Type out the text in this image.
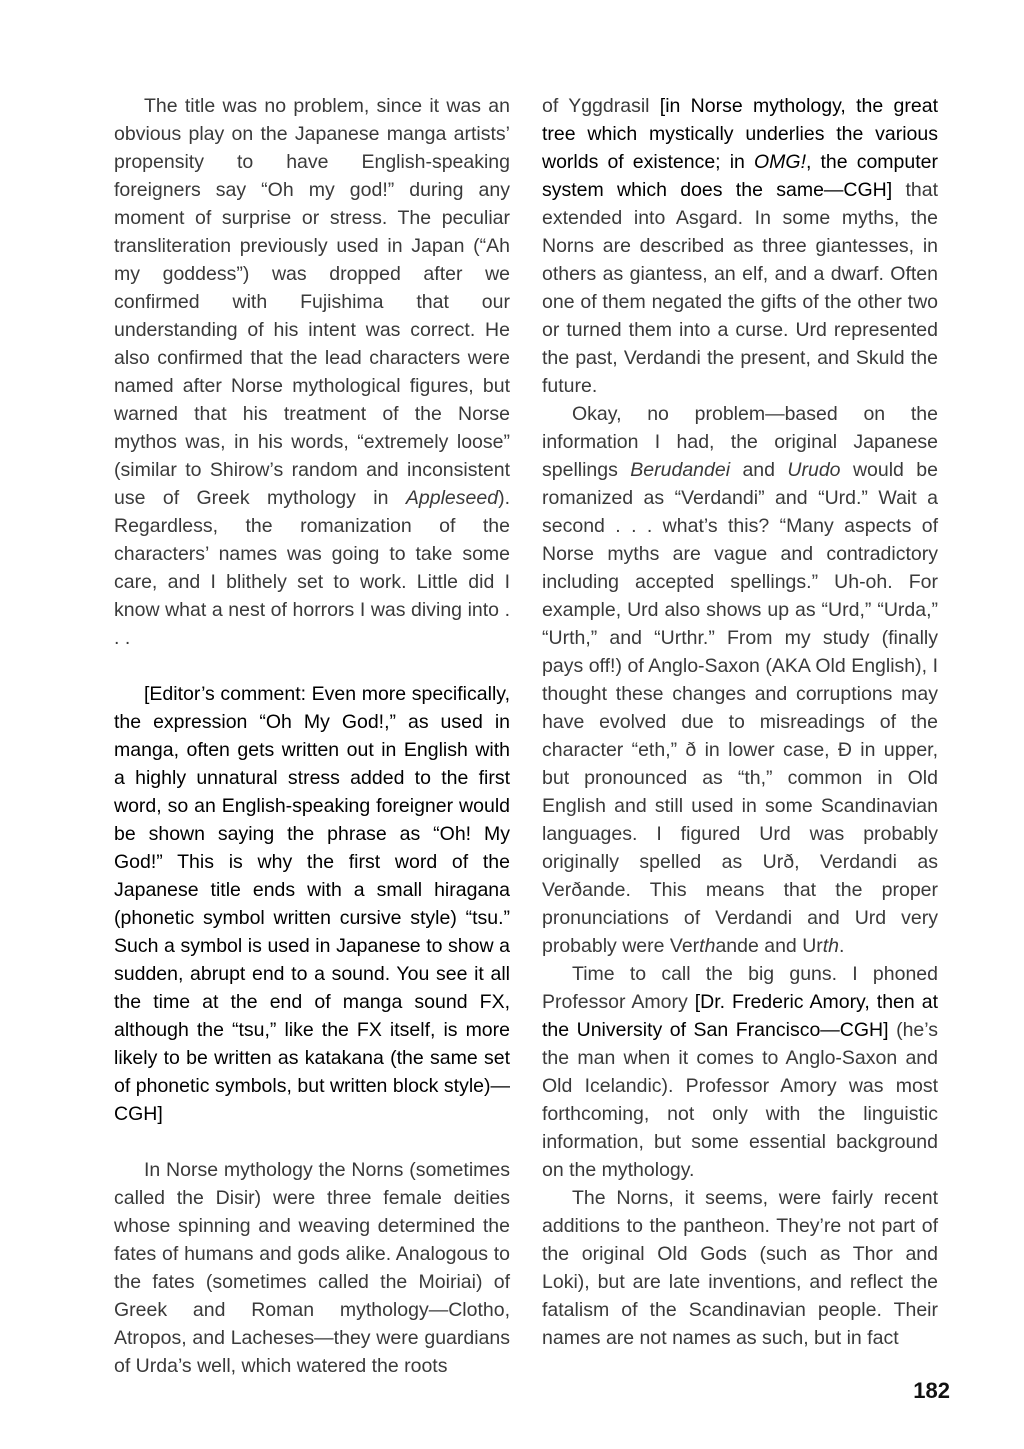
The title was no problem, since it was an obvious play on the Japanese manga artists’ propensity to have English-speaking foreigners say “Oh my god!” during any moment of surprise or stress. The peculiar transliteration previously used in Japan (“Ah my goddess”) was dropped after we confirmed with Fujishima that our understanding of his intent was correct. He also confirmed that the lead characters were named after Norse mythological figures, but warned that his treatment of the Norse mythos was, in his words, “extremely loose” (similar to Shirow’s random and inconsistent use of Greek mythology in Appleseed). Regardless, the romanization of the characters’ names was going to take some care, and I blithely set to work. Little did I know what a nest of horrors I was diving into . . .

[Editor’s comment: Even more specifically, the expression “Oh My God!,” as used in manga, often gets written out in English with a highly unnatural stress added to the first word, so an English-speaking foreigner would be shown saying the phrase as “Oh! My God!” This is why the first word of the Japanese title ends with a small hiragana (phonetic symbol written cursive style) “tsu.” Such a symbol is used in Japanese to show a sudden, abrupt end to a sound. You see it all the time at the end of manga sound FX, although the “tsu,” like the FX itself, is more likely to be written as katakana (the same set of phonetic symbols, but written block style)—CGH]

In Norse mythology the Norns (sometimes called the Disir) were three female deities whose spinning and weaving determined the fates of humans and gods alike. Analogous to the fates (sometimes called the Moiriai) of Greek and Roman mythology—Clotho, Atropos, and Lacheses—they were guardians of Urda’s well, which watered the roots

of Yggdrasil [in Norse mythology, the great tree which mystically underlies the various worlds of existence; in OMG!, the computer system which does the same—CGH] that extended into Asgard. In some myths, the Norns are described as three giantesses, in others as giantess, an elf, and a dwarf. Often one of them negated the gifts of the other two or turned them into a curse. Urd represented the past, Verdandi the present, and Skuld the future.

Okay, no problem—based on the information I had, the original Japanese spellings Berudandei and Urudo would be romanized as “Verdandi” and “Urd.” Wait a second . . . what’s this? “Many aspects of Norse myths are vague and contradictory including accepted spellings.” Uh-oh. For example, Urd also shows up as “Urd,” “Urda,” “Urth,” and “Urthr.” From my study (finally pays off!) of Anglo-Saxon (AKA Old English), I thought these changes and corruptions may have evolved due to misreadings of the character “eth,” ð in lower case, Ð in upper, but pronounced as “th,” common in Old English and still used in some Scandinavian languages. I figured Urd was probably originally spelled as Urð, Verdandi as Verðande. This means that the proper pronunciations of Verdandi and Urd very probably were Verthande and Urth.

Time to call the big guns. I phoned Professor Amory [Dr. Frederic Amory, then at the University of San Francisco—CGH] (he’s the man when it comes to Anglo-Saxon and Old Icelandic). Professor Amory was most forthcoming, not only with the linguistic information, but some essential background on the mythology.

The Norns, it seems, were fairly recent additions to the pantheon. They’re not part of the original Old Gods (such as Thor and Loki), but are late inventions, and reflect the fatalism of the Scandinavian people. Their names are not names as such, but in fact

182
